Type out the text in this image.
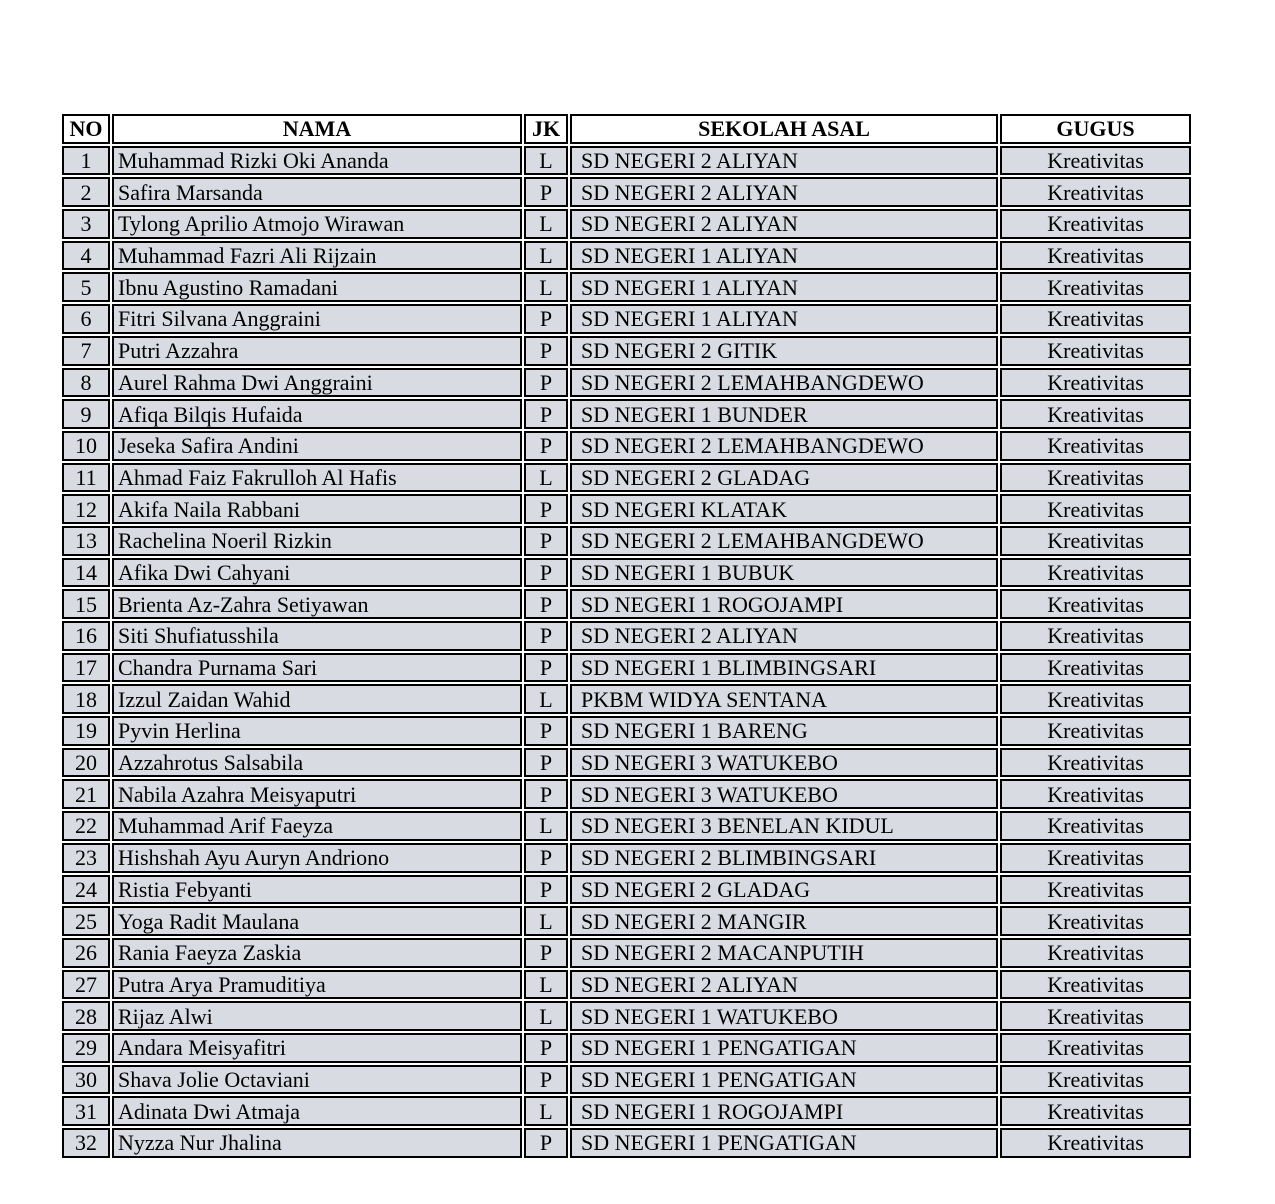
NO	NAMA	JK	SEKOLAH ASAL	GUGUS
1	Muhammad Rizki Oki Ananda	L	SD NEGERI 2 ALIYAN	Kreativitas
2	Safira Marsanda	P	SD NEGERI 2 ALIYAN	Kreativitas
3	Tylong Aprilio Atmojo Wirawan	L	SD NEGERI 2 ALIYAN	Kreativitas
4	Muhammad Fazri Ali Rijzain	L	SD NEGERI 1 ALIYAN	Kreativitas
5	Ibnu Agustino Ramadani	L	SD NEGERI 1 ALIYAN	Kreativitas
6	Fitri Silvana Anggraini	P	SD NEGERI 1 ALIYAN	Kreativitas
7	Putri Azzahra	P	SD NEGERI 2 GITIK	Kreativitas
8	Aurel Rahma Dwi Anggraini	P	SD NEGERI 2 LEMAHBANGDEWO	Kreativitas
9	Afiqa Bilqis Hufaida	P	SD NEGERI 1 BUNDER	Kreativitas
10	Jeseka Safira Andini	P	SD NEGERI 2 LEMAHBANGDEWO	Kreativitas
11	Ahmad Faiz Fakrulloh Al Hafis	L	SD NEGERI 2 GLADAG	Kreativitas
12	Akifa Naila Rabbani	P	SD NEGERI KLATAK	Kreativitas
13	Rachelina Noeril Rizkin	P	SD NEGERI 2 LEMAHBANGDEWO	Kreativitas
14	Afika Dwi Cahyani	P	SD NEGERI 1 BUBUK	Kreativitas
15	Brienta Az-Zahra Setiyawan	P	SD NEGERI 1 ROGOJAMPI	Kreativitas
16	Siti Shufiatusshila	P	SD NEGERI 2 ALIYAN	Kreativitas
17	Chandra Purnama Sari	P	SD NEGERI 1 BLIMBINGSARI	Kreativitas
18	Izzul Zaidan Wahid	L	PKBM WIDYA SENTANA	Kreativitas
19	Pyvin Herlina	P	SD NEGERI 1 BARENG	Kreativitas
20	Azzahrotus Salsabila	P	SD NEGERI 3 WATUKEBO	Kreativitas
21	Nabila Azahra Meisyaputri	P	SD NEGERI 3 WATUKEBO	Kreativitas
22	Muhammad Arif Faeyza	L	SD NEGERI 3 BENELAN KIDUL	Kreativitas
23	Hishshah Ayu Auryn Andriono	P	SD NEGERI 2 BLIMBINGSARI	Kreativitas
24	Ristia Febyanti	P	SD NEGERI 2 GLADAG	Kreativitas
25	Yoga Radit Maulana	L	SD NEGERI 2 MANGIR	Kreativitas
26	Rania Faeyza Zaskia	P	SD NEGERI 2 MACANPUTIH	Kreativitas
27	Putra Arya Pramuditiya	L	SD NEGERI 2 ALIYAN	Kreativitas
28	Rijaz Alwi	L	SD NEGERI 1 WATUKEBO	Kreativitas
29	Andara Meisyafitri	P	SD NEGERI 1 PENGATIGAN	Kreativitas
30	Shava Jolie Octaviani	P	SD NEGERI 1 PENGATIGAN	Kreativitas
31	Adinata Dwi Atmaja	L	SD NEGERI 1 ROGOJAMPI	Kreativitas
32	Nyzza Nur Jhalina	P	SD NEGERI 1 PENGATIGAN	Kreativitas
